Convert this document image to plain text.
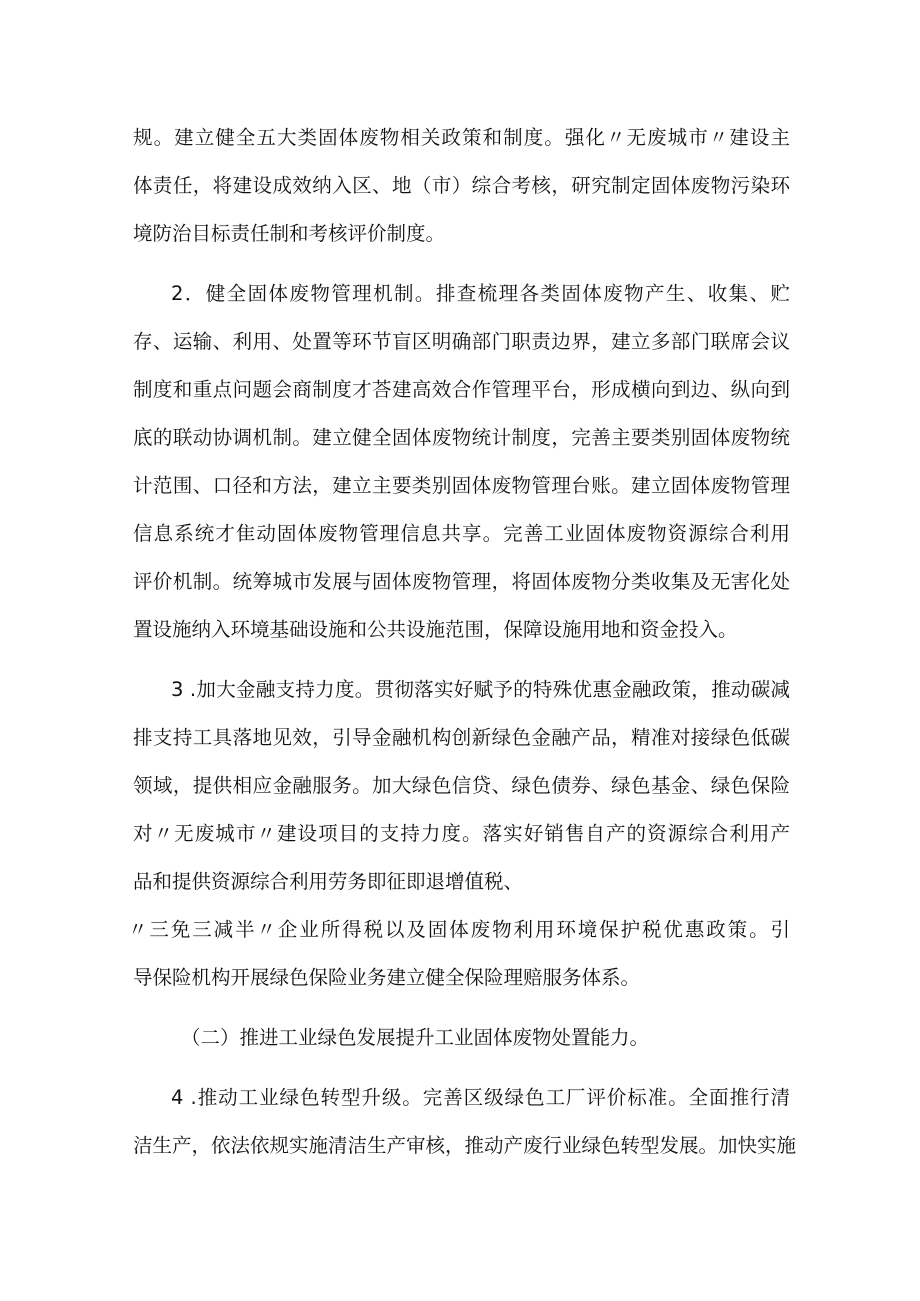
规。建立健全五大类固体废物相关政策和制度。强化〃无废城市〃建设主
体责任，将建设成效纳入区、地（市）综合考核，研究制定固体废物污染环
境防治目标责任制和考核评价制度。
2．健全固体废物管理机制。排查梳理各类固体废物产生、收集、贮
存、运输、利用、处置等环节盲区明确部门职责边界，建立多部门联席会议
制度和重点问题会商制度才荅建高效合作管理平台，形成横向到边、纵向到
底的联动协调机制。建立健全固体废物统计制度，完善主要类别固体废物统
计范围、口径和方法，建立主要类别固体废物管理台账。建立固体废物管理
信息系统才隹动固体废物管理信息共享。完善工业固体废物资源综合利用
评价机制。统筹城市发展与固体废物管理，将固体废物分类收集及无害化处
置设施纳入环境基础设施和公共设施范围，保障设施用地和资金投入。
3 .加大金融支持力度。贯彻落实好赋予的特殊优惠金融政策，推动碳减
排支持工具落地见效，引导金融机构创新绿色金融产品，精准对接绿色低碳
领域，提供相应金融服务。加大绿色信贷、绿色债券、绿色基金、绿色保险
对〃无废城市〃建设项目的支持力度。落实好销售自产的资源综合利用产
品和提供资源综合利用劳务即征即退增值税、
〃三免三减半〃企业所得税以及固体废物利用环境保护税优惠政策。引
导保险机构开展绿色保险业务建立健全保险理赔服务体系。
（二）推进工业绿色发展提升工业固体废物处置能力。
4 .推动工业绿色转型升级。完善区级绿色工厂评价标准。全面推行清
洁生产，依法依规实施清洁生产审核，推动产废行业绿色转型发展。加快实施
